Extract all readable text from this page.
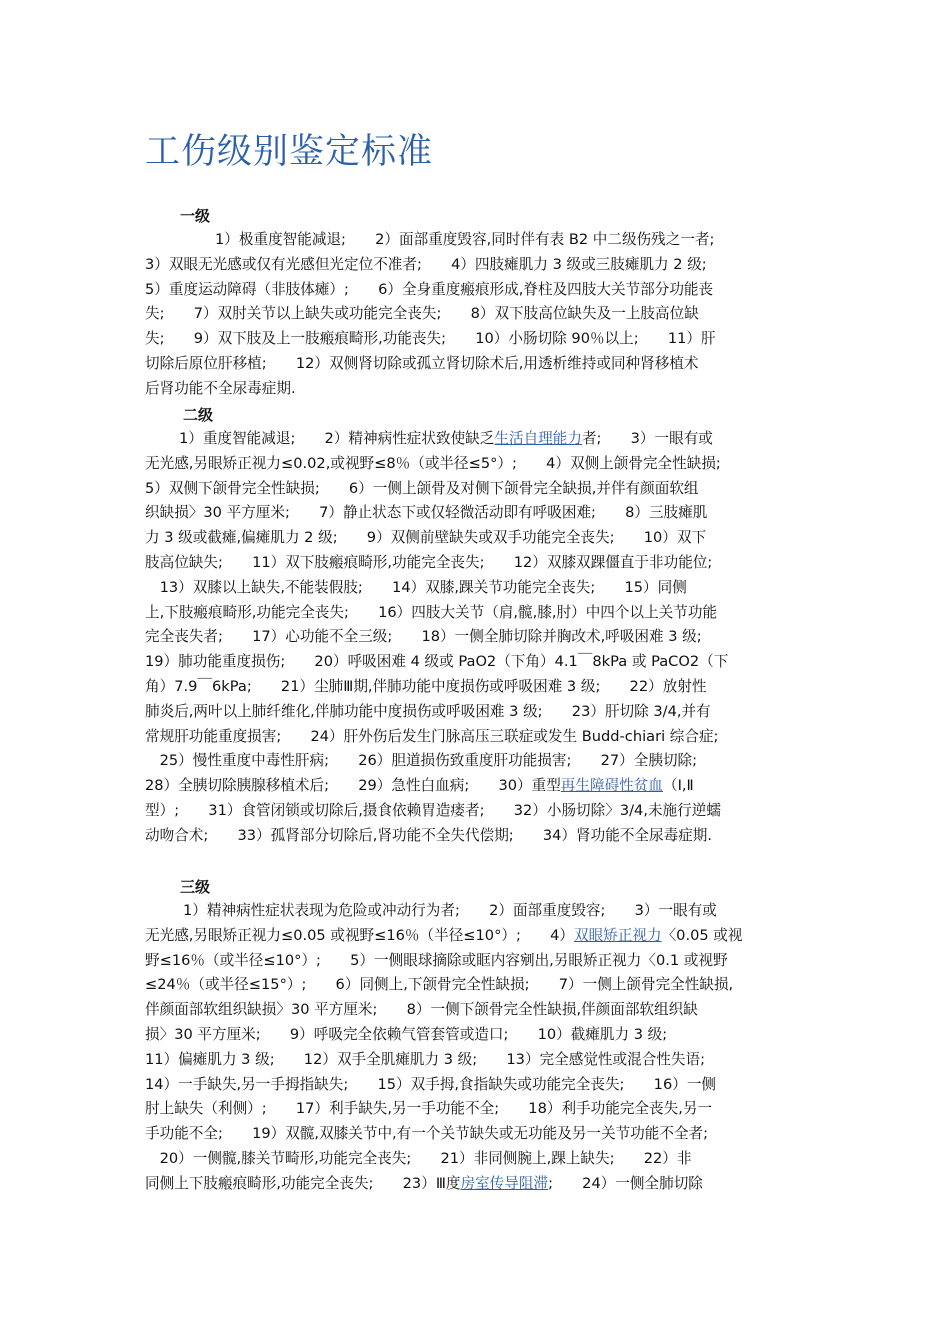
工伤级别鉴定标准
一级
1）极重度智能减退;　　2）面部重度毁容,同时伴有表 B2 中二级伤残之一者;
3）双眼无光感或仅有光感但光定位不准者;　　4）四肢瘫肌力 3 级或三肢瘫肌力 2 级;
5）重度运动障碍（非肢体瘫）;　　6）全身重度瘢痕形成,脊柱及四肢大关节部分功能丧
失;　　7）双肘关节以上缺失或功能完全丧失;　　8）双下肢高位缺失及一上肢高位缺
失;　　9）双下肢及上一肢瘢痕畸形,功能丧失;　　10）小肠切除 90％以上;　　11）肝
切除后原位肝移植;　　12）双侧肾切除或孤立肾切除术后,用透析维持或同种肾移植术
后肾功能不全尿毒症期.
二级
1）重度智能减退;　　2）精神病性症状致使缺乏生活自理能力者;　　3）一眼有或
无光感,另眼矫正视力≤0.02,或视野≤8％（或半径≤5°）;　　4）双侧上颌骨完全性缺损;
5）双侧下颌骨完全性缺损;　　6）一侧上颌骨及对侧下颌骨完全缺损,并伴有颜面软组
织缺损〉30 平方厘米;　　7）静止状态下或仅轻微活动即有呼吸困难;　　8）三肢瘫肌
力 3 级或截瘫,偏瘫肌力 2 级;　　9）双侧前壁缺失或双手功能完全丧失;　　10）双下
肢高位缺失;　　11）双下肢瘢痕畸形,功能完全丧失;　　12）双膝双踝僵直于非功能位;
　13）双膝以上缺失,不能装假肢;　　14）双膝,踝关节功能完全丧失;　　15）同侧
上,下肢瘢痕畸形,功能完全丧失;　　16）四肢大关节（肩,髋,膝,肘）中四个以上关节功能
完全丧失者;　　17）心功能不全三级;　　18）一侧全肺切除并胸改术,呼吸困难 3 级;
19）肺功能重度损伤;　　20）呼吸困难 4 级或 PaO2（下角）4.1￣8kPa 或 PaCO2（下
角）7.9￣6kPa;　　21）尘肺Ⅲ期,伴肺功能中度损伤或呼吸困难 3 级;　　22）放射性
肺炎后,两叶以上肺纤维化,伴肺功能中度损伤或呼吸困难 3 级;　　23）肝切除 3/4,并有
常规肝功能重度损害;　　24）肝外伤后发生门脉高压三联症或发生 Budd-chiari 综合症;
　25）慢性重度中毒性肝病;　　26）胆道损伤致重度肝功能损害;　　27）全胰切除;
28）全胰切除胰腺移植术后;　　29）急性白血病;　　30）重型再生障碍性贫血（Ⅰ,Ⅱ
型）;　　31）食管闭锁或切除后,摄食依赖胃造瘘者;　　32）小肠切除〉3/4,未施行逆蠕
动吻合术;　　33）孤肾部分切除后,肾功能不全失代偿期;　　34）肾功能不全尿毒症期.
三级
1）精神病性症状表现为危险或冲动行为者;　　2）面部重度毁容;　　3）一眼有或
无光感,另眼矫正视力≤0.05 或视野≤16％（半径≤10°）;　　4）双眼矫正视力〈0.05 或视
野≤16％（或半径≤10°）;　　5）一侧眼球摘除或眶内容剜出,另眼矫正视力〈0.1 或视野
≤24％（或半径≤15°）;　　6）同侧上,下颌骨完全性缺损;　　7）一侧上颌骨完全性缺损,
伴颜面部软组织缺损〉30 平方厘米;　　8）一侧下颌骨完全性缺损,伴颜面部软组织缺
损〉30 平方厘米;　　9）呼吸完全依赖气管套管或造口;　　10）截瘫肌力 3 级;
11）偏瘫肌力 3 级;　　12）双手全肌瘫肌力 3 级;　　13）完全感觉性或混合性失语;
14）一手缺失,另一手拇指缺失;　　15）双手拇,食指缺失或功能完全丧失;　　16）一侧
肘上缺失（利侧）;　　17）利手缺失,另一手功能不全;　　18）利手功能完全丧失,另一
手功能不全;　　19）双髋,双膝关节中,有一个关节缺失或无功能及另一关节功能不全者;
　20）一侧髋,膝关节畸形,功能完全丧失;　　21）非同侧腕上,踝上缺失;　　22）非
同侧上下肢瘢痕畸形,功能完全丧失;　　23）Ⅲ度房室传导阻滞;　　24）一侧全肺切除
